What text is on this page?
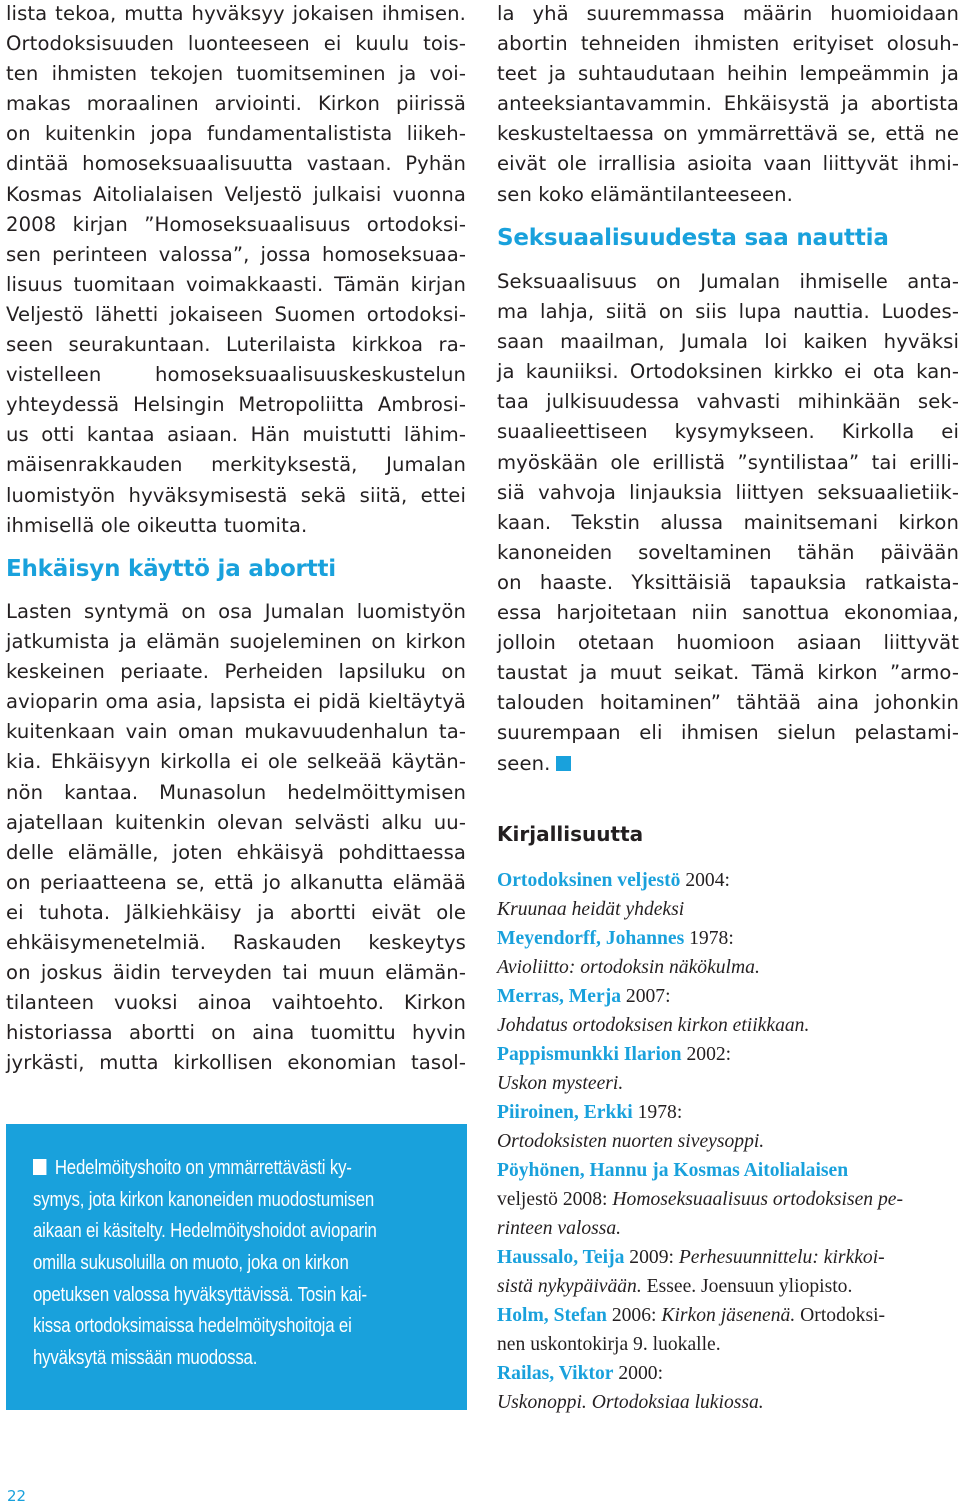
lista tekoa, mutta hyväksyy jokaisen ihmisen.
Ortodoksisuuden luonteeseen ei kuulu tois-
ten ihmisten tekojen tuomitseminen ja voi-
makas moraalinen arviointi. Kirkon piirissä
on kuitenkin jopa fundamentalistista liikeh-
dintää homoseksuaalisuutta vastaan. Pyhän
Kosmas Aitolialaisen Veljestö julkaisi vuonna
2008 kirjan ”Homoseksuaalisuus ortodoksi-
sen perinteen valossa”, jossa homoseksuaa-
lisuus tuomitaan voimakkaasti. Tämän kirjan
Veljestö lähetti jokaiseen Suomen ortodoksi-
seen seurakuntaan. Luterilaista kirkkoa ra-
vistelleen homoseksuaalisuuskeskustelun
yhteydessä Helsingin Metropoliitta Ambrosi-
us otti kantaa asiaan. Hän muistutti lähim-
mäisenrakkauden merkityksestä, Jumalan
luomistyön hyväksymisestä sekä siitä, ettei
ihmisellä ole oikeutta tuomita.
Ehkäisyn käyttö ja abortti
Lasten syntymä on osa Jumalan luomistyön
jatkumista ja elämän suojeleminen on kirkon
keskeinen periaate. Perheiden lapsiluku on
avioparin oma asia, lapsista ei pidä kieltäytyä
kuitenkaan vain oman mukavuudenhalun ta-
kia. Ehkäisyyn kirkolla ei ole selkeää käytän-
nön kantaa. Munasolun hedelmöittymisen
ajatellaan kuitenkin olevan selvästi alku uu-
delle elämälle, joten ehkäisyä pohdittaessa
on periaatteena se, että jo alkanutta elämää
ei tuhota. Jälkiehkäisy ja abortti eivät ole
ehkäisymenetelmiä. Raskauden keskeytys
on joskus äidin terveyden tai muun elämän-
tilanteen vuoksi ainoa vaihtoehto. Kirkon
historiassa abortti on aina tuomittu hyvin
jyrkästi, mutta kirkollisen ekonomian tasol-
Hedelmöityshoito on ymmärrettävästi ky-
symys, jota kirkon kanoneiden muodostumisen
aikaan ei käsitelty. Hedelmöityshoidot avioparin
omilla sukusoluilla on muoto, joka on kirkon
opetuksen valossa hyväksyttävissä. Tosin kai-
kissa ortodoksimaissa hedelmöityshoitoja ei
hyväksytä missään muodossa.
la yhä suuremmassa määrin huomioidaan
abortin tehneiden ihmisten erityiset olosuh-
teet ja suhtaudutaan heihin lempeämmin ja
anteeksiantavammin. Ehkäisystä ja abortista
keskusteltaessa on ymmärrettävä se, että ne
eivät ole irrallisia asioita vaan liittyvät ihmi-
sen koko elämäntilanteeseen.
Seksuaalisuudesta saa nauttia
Seksuaalisuus on Jumalan ihmiselle anta-
ma lahja, siitä on siis lupa nauttia. Luodes-
saan maailman, Jumala loi kaiken hyväksi
ja kauniiksi. Ortodoksinen kirkko ei ota kan-
taa julkisuudessa vahvasti mihinkään sek-
suaalieettiseen kysymykseen. Kirkolla ei
myöskään ole erillistä ”syntilistaa” tai erilli-
siä vahvoja linjauksia liittyen seksuaalietiik-
kaan. Tekstin alussa mainitsemani kirkon
kanoneiden soveltaminen tähän päivään
on haaste. Yksittäisiä tapauksia ratkaista-
essa harjoitetaan niin sanottua ekonomiaa,
jolloin otetaan huomioon asiaan liittyvät
taustat ja muut seikat. Tämä kirkon ”armo-
talouden hoitaminen” tähtää aina johonkin
suurempaan eli ihmisen sielun pelastami-
seen.
Kirjallisuutta
Ortodoksinen veljestö 2004:
Kruunaa heidät yhdeksi
Meyendorff, Johannes 1978:
Avioliitto: ortodoksin näkökulma.
Merras, Merja 2007:
Johdatus ortodoksisen kirkon etiikkaan.
Pappismunkki Ilarion 2002:
Uskon mysteeri.
Piiroinen, Erkki 1978:
Ortodoksisten nuorten siveysoppi.
Pöyhönen, Hannu ja Kosmas Aitolialaisen
veljestö 2008: Homoseksuaalisuus ortodoksisen pe-
rinteen valossa.
Haussalo, Teija 2009: Perhesuunnittelu: kirkkoi-
sistä nykypäivään. Essee. Joensuun yliopisto.
Holm, Stefan 2006: Kirkon jäsenenä. Ortodoksi-
nen uskontokirja 9. luokalle.
Railas, Viktor 2000:
Uskonoppi. Ortodoksiaa lukiossa.
22
